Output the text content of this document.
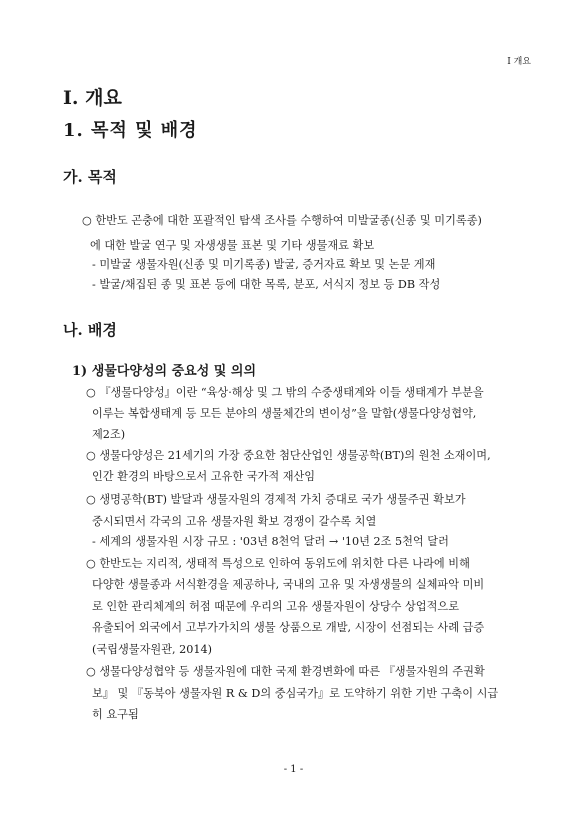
Ⅰ 개요
I. 개요
1. 목적 및 배경
가. 목적
○ 한반도 곤충에 대한 포괄적인 탐색 조사를 수행하여 미발굴종(신종 및 미기록종)
에 대한 발굴 연구 및 자생생물 표본 및 기타 생물재료 확보
- 미발굴 생물자원(신종 및 미기록종) 발굴, 증거자료 확보 및 논문 게재
- 발굴/채집된 종 및 표본 등에 대한 목록, 분포, 서식지 정보 등 DB 작성
나. 배경
1) 생물다양성의 중요성 및 의의
○ 『생물다양성』이란 “육상·해상 및 그 밖의 수중생태계와 이들 생태계가 부분을
이루는 복합생태계 등 모든 분야의 생물체간의 변이성”을 말함(생물다양성협약,
제2조)
○ 생물다양성은 21세기의 가장 중요한 첨단산업인 생물공학(BT)의 원천 소재이며,
인간 환경의 바탕으로서 고유한 국가적 재산임
○ 생명공학(BT) 발달과 생물자원의 경제적 가치 증대로 국가 생물주권 확보가
중시되면서 각국의 고유 생물자원 확보 경쟁이 갈수록 치열
- 세계의 생물자원 시장 규모 : '03년 8천억 달러 → '10년 2조 5천억 달러
○ 한반도는 지리적, 생태적 특성으로 인하여 동위도에 위치한 다른 나라에 비해
다양한 생물종과 서식환경을 제공하나, 국내의 고유 및 자생생물의 실체파악 미비
로 인한 관리체계의 허점 때문에 우리의 고유 생물자원이 상당수 상업적으로
유출되어 외국에서 고부가가치의 생물 상품으로 개발, 시장이 선점되는 사례 급증
(국립생물자원관, 2014)
○ 생물다양성협약 등 생물자원에 대한 국제 환경변화에 따른 『생물자원의 주권확
보』 및 『동북아 생물자원 R & D의 중심국가』로 도약하기 위한 기반 구축이 시급
히 요구됨
- 1 -
